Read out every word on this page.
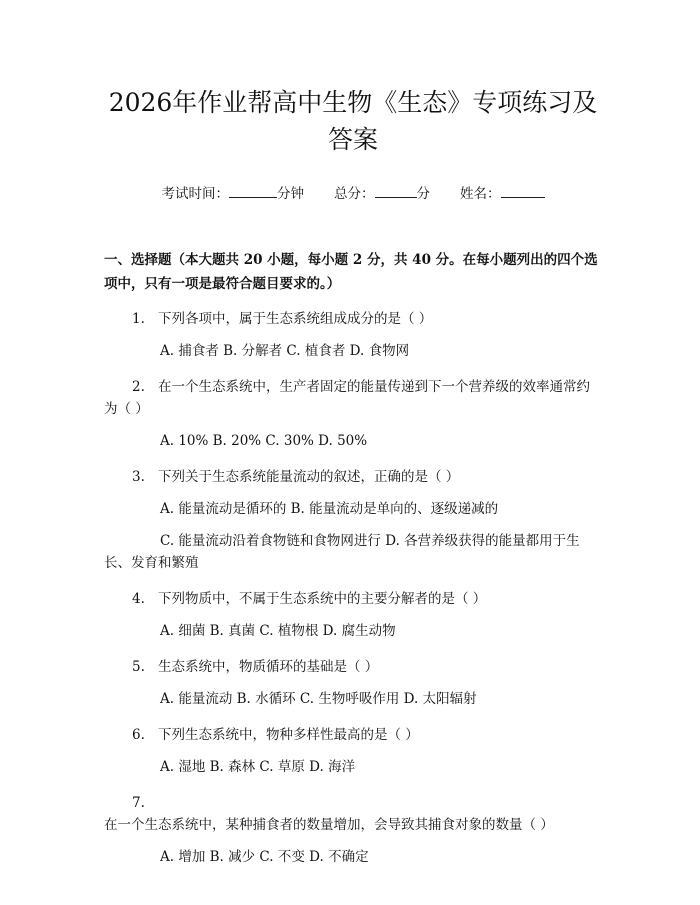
2026年作业帮高中生物《生态》专项练习及答案
考试时间：	分钟 总分：	分 姓名：
一、选择题（本大题共 20 小题，每小题 2 分，共 40 分。在每小题列出的四个选项中，只有一项是最符合题目要求的。）

1. 下列各项中，属于生态系统组成成分的是（ ）

A. 捕食者 B. 分解者 C. 植食者 D. 食物网

2. 在一个生态系统中，生产者固定的能量传递到下一个营养级的效率通常约为（ ）

A. 10% B. 20% C. 30% D. 50%

3. 下列关于生态系统能量流动的叙述，正确的是（ ）

A. 能量流动是循环的 B. 能量流动是单向的、逐级递减的

C. 能量流动沿着食物链和食物网进行 D. 各营养级获得的能量都用于生长、发育和繁殖

4. 下列物质中，不属于生态系统中的主要分解者的是（ ）

A. 细菌 B. 真菌 C. 植物根 D. 腐生动物

5. 生态系统中，物质循环的基础是（ ）

A. 能量流动 B. 水循环 C. 生物呼吸作用 D. 太阳辐射

6. 下列生态系统中，物种多样性最高的是（ ）

A. 湿地 B. 森林 C. 草原 D. 海洋

7.在一个生态系统中，某种捕食者的数量增加，会导致其捕食对象的数量（ ）

A. 增加 B. 减少 C. 不变 D. 不确定
